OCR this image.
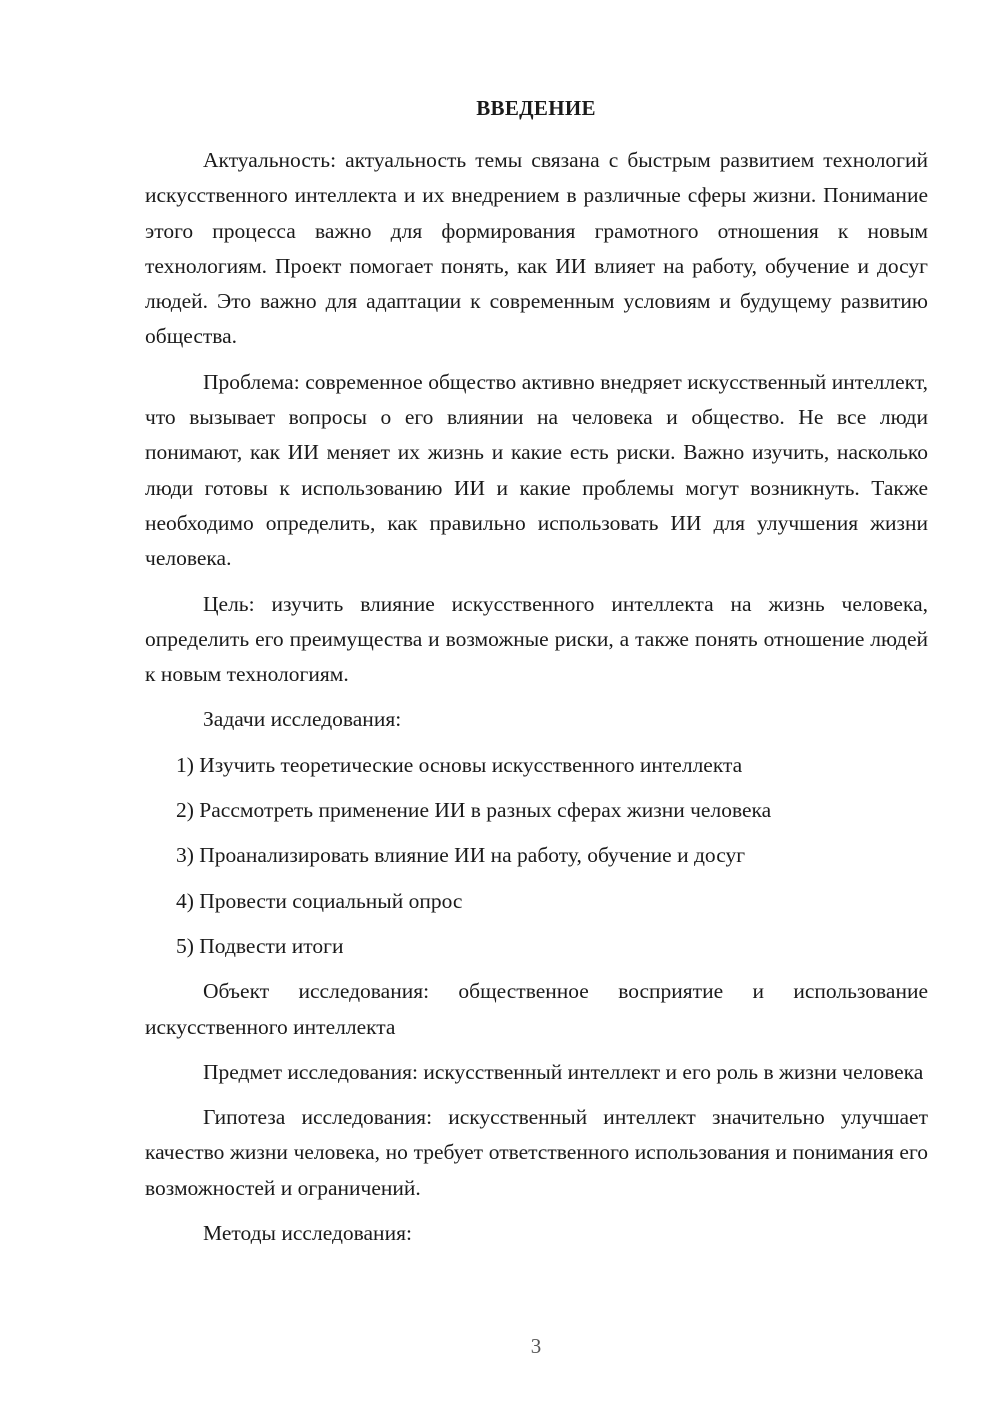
ВВЕДЕНИЕ

Актуальность: актуальность темы связана с быстрым развитием технологий искусственного интеллекта и их внедрением в различные сферы жизни. Понимание этого процесса важно для формирования грамотного отношения к новым технологиям. Проект помогает понять, как ИИ влияет на работу, обучение и досуг людей. Это важно для адаптации к современным условиям и будущему развитию общества.

Проблема: современное общество активно внедряет искусственный интеллект, что вызывает вопросы о его влиянии на человека и общество. Не все люди понимают, как ИИ меняет их жизнь и какие есть риски. Важно изучить, насколько люди готовы к использованию ИИ и какие проблемы могут возникнуть. Также необходимо определить, как правильно использовать ИИ для улучшения жизни человека.

Цель: изучить влияние искусственного интеллекта на жизнь человека, определить его преимущества и возможные риски, а также понять отношение людей к новым технологиям.

Задачи исследования:

1) Изучить теоретические основы искусственного интеллекта
2) Рассмотреть применение ИИ в разных сферах жизни человека
3) Проанализировать влияние ИИ на работу, обучение и досуг
4) Провести социальный опрос
5) Подвести итоги

Объект исследования: общественное восприятие и использование искусственного интеллекта

Предмет исследования: искусственный интеллект и его роль в жизни человека

Гипотеза исследования: искусственный интеллект значительно улучшает качество жизни человека, но требует ответственного использования и понимания его возможностей и ограничений.

Методы исследования:

3
